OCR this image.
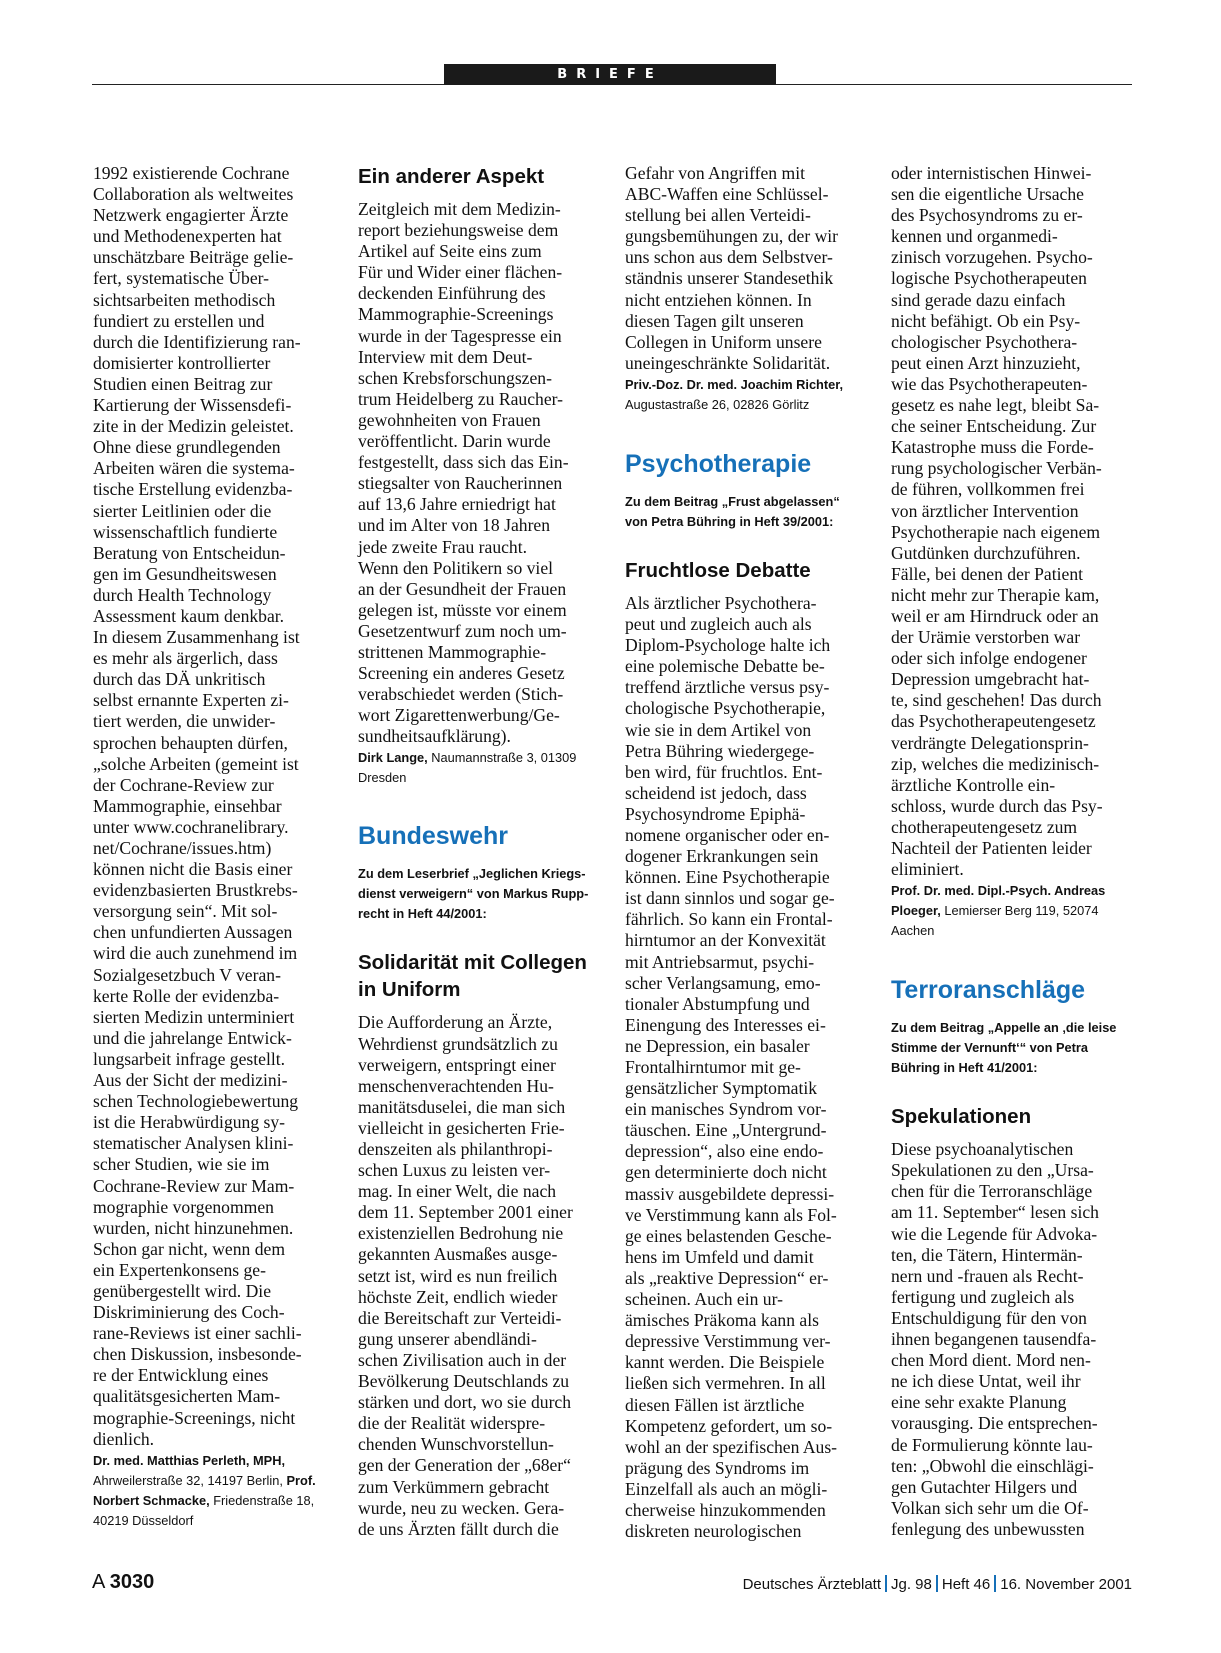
BRIEFE

1992 existierende Cochrane
Collaboration als weltweites
Netzwerk engagierter Ärzte
und Methodenexperten hat
unschätzbare Beiträge gelie-
fert, systematische Über-
sichtsarbeiten methodisch
fundiert zu erstellen und
durch die Identifizierung ran-
domisierter kontrollierter
Studien einen Beitrag zur
Kartierung der Wissensdefi-
zite in der Medizin geleistet.
Ohne diese grundlegenden
Arbeiten wären die systema-
tische Erstellung evidenzba-
sierter Leitlinien oder die
wissenschaftlich fundierte
Beratung von Entscheidun-
gen im Gesundheitswesen
durch Health Technology
Assessment kaum denkbar.
In diesem Zusammenhang ist
es mehr als ärgerlich, dass
durch das DÄ unkritisch
selbst ernannte Experten zi-
tiert werden, die unwider-
sprochen behaupten dürfen,
„solche Arbeiten (gemeint ist
der Cochrane-Review zur
Mammographie, einsehbar
unter www.cochranelibrary.
net/Cochrane/issues.htm)
können nicht die Basis einer
evidenzbasierten Brustkrebs-
versorgung sein“. Mit sol-
chen unfundierten Aussagen
wird die auch zunehmend im
Sozialgesetzbuch V veran-
kerte Rolle der evidenzba-
sierten Medizin unterminiert
und die jahrelange Entwick-
lungsarbeit infrage gestellt.
Aus der Sicht der medizini-
schen Technologiebewertung
ist die Herabwürdigung sy-
stematischer Analysen klini-
scher Studien, wie sie im
Cochrane-Review zur Mam-
mographie vorgenommen
wurden, nicht hinzunehmen.
Schon gar nicht, wenn dem
ein Expertenkonsens ge-
genübergestellt wird. Die
Diskriminierung des Coch-
rane-Reviews ist einer sachli-
chen Diskussion, insbesonde-
re der Entwicklung eines
qualitätsgesicherten Mam-
mographie-Screenings, nicht
dienlich.

Dr. med. Matthias Perleth, MPH,
Ahrweilerstraße 32, 14197 Berlin, Prof.
Norbert Schmacke, Friedenstraße 18,
40219 Düsseldorf

Ein anderer Aspekt

Zeitgleich mit dem Medizin-
report beziehungsweise dem
Artikel auf Seite eins zum
Für und Wider einer flächen-
deckenden Einführung des
Mammographie-Screenings
wurde in der Tagespresse ein
Interview mit dem Deut-
schen Krebsforschungszen-
trum Heidelberg zu Raucher-
gewohnheiten von Frauen
veröffentlicht. Darin wurde
festgestellt, dass sich das Ein-
stiegsalter von Raucherinnen
auf 13,6 Jahre erniedrigt hat
und im Alter von 18 Jahren
jede zweite Frau raucht.
Wenn den Politikern so viel
an der Gesundheit der Frauen
gelegen ist, müsste vor einem
Gesetzentwurf zum noch um-
strittenen Mammographie-
Screening ein anderes Gesetz
verabschiedet werden (Stich-
wort Zigarettenwerbung/Ge-
sundheitsaufklärung).

Dirk Lange, Naumannstraße 3, 01309
Dresden

Bundeswehr

Zu dem Leserbrief „Jeglichen Kriegs-
dienst verweigern“ von Markus Rupp-
recht in Heft 44/2001:

Solidarität mit Collegen
in Uniform

Die Aufforderung an Ärzte,
Wehrdienst grundsätzlich zu
verweigern, entspringt einer
menschenverachtenden Hu-
manitätsduselei, die man sich
vielleicht in gesicherten Frie-
denszeiten als philanthropi-
schen Luxus zu leisten ver-
mag. In einer Welt, die nach
dem 11. September 2001 einer
existenziellen Bedrohung nie
gekannten Ausmaßes ausge-
setzt ist, wird es nun freilich
höchste Zeit, endlich wieder
die Bereitschaft zur Verteidi-
gung unserer abendländi-
schen Zivilisation auch in der
Bevölkerung Deutschlands zu
stärken und dort, wo sie durch
die der Realität widerspre-
chenden Wunschvorstellun-
gen der Generation der „68er“
zum Verkümmern gebracht
wurde, neu zu wecken. Gera-
de uns Ärzten fällt durch die

Gefahr von Angriffen mit
ABC-Waffen eine Schlüssel-
stellung bei allen Verteidi-
gungsbemühungen zu, der wir
uns schon aus dem Selbstver-
ständnis unserer Standesethik
nicht entziehen können. In
diesen Tagen gilt unseren
Collegen in Uniform unsere
uneingeschränkte Solidarität.

Priv.-Doz. Dr. med. Joachim Richter,
Augustastraße 26, 02826 Görlitz

Psychotherapie

Zu dem Beitrag „Frust abgelassen“
von Petra Bühring in Heft 39/2001:

Fruchtlose Debatte

Als ärztlicher Psychothera-
peut und zugleich auch als
Diplom-Psychologe halte ich
eine polemische Debatte be-
treffend ärztliche versus psy-
chologische Psychotherapie,
wie sie in dem Artikel von
Petra Bühring wiedergege-
ben wird, für fruchtlos. Ent-
scheidend ist jedoch, dass
Psychosyndrome Epiphä-
nomene organischer oder en-
dogener Erkrankungen sein
können. Eine Psychotherapie
ist dann sinnlos und sogar ge-
fährlich. So kann ein Frontal-
hirntumor an der Konvexität
mit Antriebsarmut, psychi-
scher Verlangsamung, emo-
tionaler Abstumpfung und
Einengung des Interesses ei-
ne Depression, ein basaler
Frontalhirntumor mit ge-
gensätzlicher Symptomatik
ein manisches Syndrom vor-
täuschen. Eine „Untergrund-
depression“, also eine endo-
gen determinierte doch nicht
massiv ausgebildete depressi-
ve Verstimmung kann als Fol-
ge eines belastenden Gesche-
hens im Umfeld und damit
als „reaktive Depression“ er-
scheinen. Auch ein ur-
ämisches Präkoma kann als
depressive Verstimmung ver-
kannt werden. Die Beispiele
ließen sich vermehren. In all
diesen Fällen ist ärztliche
Kompetenz gefordert, um so-
wohl an der spezifischen Aus-
prägung des Syndroms im
Einzelfall als auch an mögli-
cherweise hinzukommenden
diskreten neurologischen

oder internistischen Hinwei-
sen die eigentliche Ursache
des Psychosyndroms zu er-
kennen und organmedi-
zinisch vorzugehen. Psycho-
logische Psychotherapeuten
sind gerade dazu einfach
nicht befähigt. Ob ein Psy-
chologischer Psychothera-
peut einen Arzt hinzuzieht,
wie das Psychotherapeuten-
gesetz es nahe legt, bleibt Sa-
che seiner Entscheidung. Zur
Katastrophe muss die Forde-
rung psychologischer Verbän-
de führen, vollkommen frei
von ärztlicher Intervention
Psychotherapie nach eigenem
Gutdünken durchzuführen.
Fälle, bei denen der Patient
nicht mehr zur Therapie kam,
weil er am Hirndruck oder an
der Urämie verstorben war
oder sich infolge endogener
Depression umgebracht hat-
te, sind geschehen! Das durch
das Psychotherapeutengesetz
verdrängte Delegationsprin-
zip, welches die medizinisch-
ärztliche Kontrolle ein-
schloss, wurde durch das Psy-
chotherapeutengesetz zum
Nachteil der Patienten leider
eliminiert.

Prof. Dr. med. Dipl.-Psych. Andreas
Ploeger, Lemierser Berg 119, 52074
Aachen

Terroranschläge

Zu dem Beitrag „Appelle an ‚die leise
Stimme der Vernunft‘“ von Petra
Bühring in Heft 41/2001:

Spekulationen

Diese psychoanalytischen
Spekulationen zu den „Ursa-
chen für die Terroranschläge
am 11. September“ lesen sich
wie die Legende für Advoka-
ten, die Tätern, Hintermän-
nern und -frauen als Recht-
fertigung und zugleich als
Entschuldigung für den von
ihnen begangenen tausendfa-
chen Mord dient. Mord nen-
ne ich diese Untat, weil ihr
eine sehr exakte Planung
vorausging. Die entsprechen-
de Formulierung könnte lau-
ten: „Obwohl die einschlägi-
gen Gutachter Hilgers und
Volkan sich sehr um die Of-
fenlegung des unbewussten

A 3030	Deutsches Ärzteblatt Jg. 98 Heft 46 16. November 2001
